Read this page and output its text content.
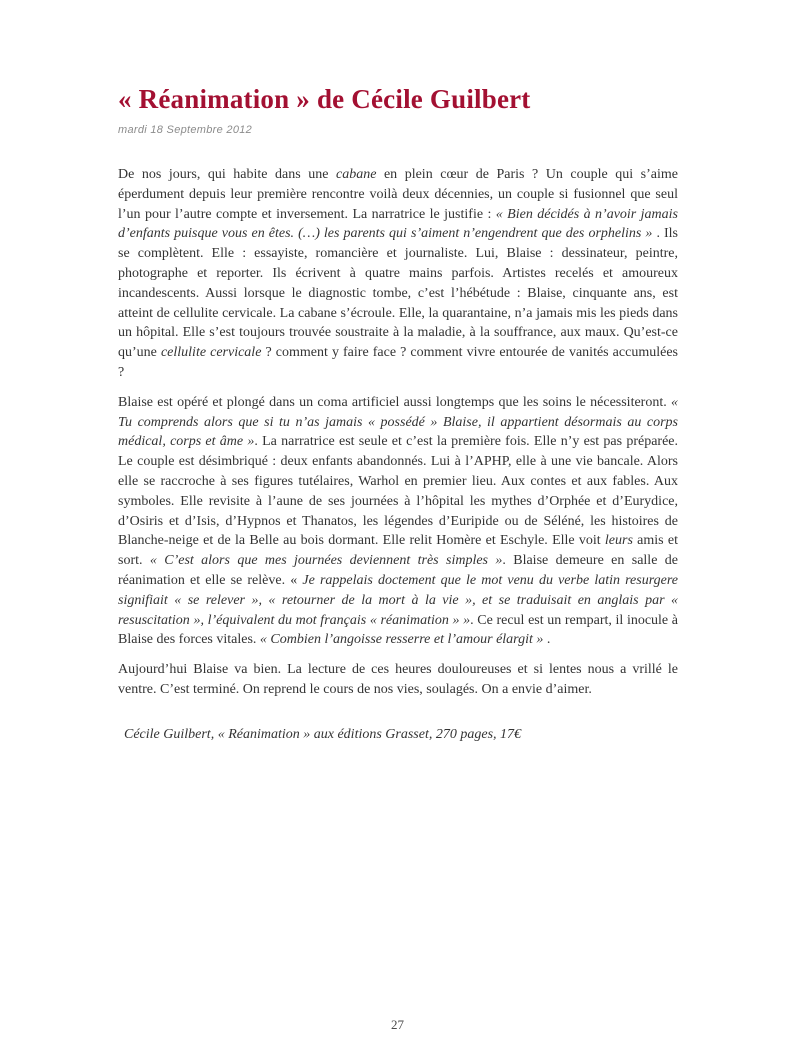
« Réanimation » de Cécile Guilbert
mardi 18 Septembre 2012

De nos jours, qui habite dans une cabane en plein cœur de Paris ? Un couple qui s’aime éperdument depuis leur première rencontre voilà deux décennies, un couple si fusionnel que seul l’un pour l’autre compte et inversement. La narratrice le justifie : « Bien décidés à n’avoir jamais d’enfants puisque vous en êtes. (…) les parents qui s’aiment n’engendrent que des orphelins » . Ils se complètent. Elle : essayiste, romancière et journaliste. Lui, Blaise : dessinateur, peintre, photographe et reporter. Ils écrivent à quatre mains parfois. Artistes recelés et amoureux incandescents. Aussi lorsque le diagnostic tombe, c’est l’hébétude : Blaise, cinquante ans, est atteint de cellulite cervicale. La cabane s’écroule. Elle, la quarantaine, n’a jamais mis les pieds dans un hôpital. Elle s’est toujours trouvée soustraite à la maladie, à la souffrance, aux maux. Qu’est-ce qu’une cellulite cervicale ? comment y faire face ? comment vivre entourée de vanités accumulées ?

Blaise est opéré et plongé dans un coma artificiel aussi longtemps que les soins le nécessiteront. « Tu comprends alors que si tu n’as jamais « possédé » Blaise, il appartient désormais au corps médical, corps et âme ». La narratrice est seule et c’est la première fois. Elle n’y est pas préparée. Le couple est désimbriqué : deux enfants abandonnés. Lui à l’APHP, elle à une vie bancale. Alors elle se raccroche à ses figures tutélaires, Warhol en premier lieu. Aux contes et aux fables. Aux symboles. Elle revisite à l’aune de ses journées à l’hôpital les mythes d’Orphée et d’Eurydice, d’Osiris et d’Isis, d’Hypnos et Thanatos, les légendes d’Euripide ou de Séléné, les histoires de Blanche-neige et de la Belle au bois dormant. Elle relit Homère et Eschyle. Elle voit leurs amis et sort. « C’est alors que mes journées deviennent très simples ». Blaise demeure en salle de réanimation et elle se relève. « Je rappelais doctement que le mot venu du verbe latin resurgere signifiait « se relever », « retourner de la mort à la vie », et se traduisait en anglais par « resuscitation », l’équivalent du mot français « réanimation » ». Ce recul est un rempart, il inocule à Blaise des forces vitales. « Combien l’angoisse resserre et l’amour élargit » .

Aujourd’hui Blaise va bien. La lecture de ces heures douloureuses et si lentes nous a vrillé le ventre. C’est terminé. On reprend le cours de nos vies, soulagés. On a envie d’aimer.

Cécile Guilbert, « Réanimation » aux éditions Grasset, 270 pages, 17€
27
